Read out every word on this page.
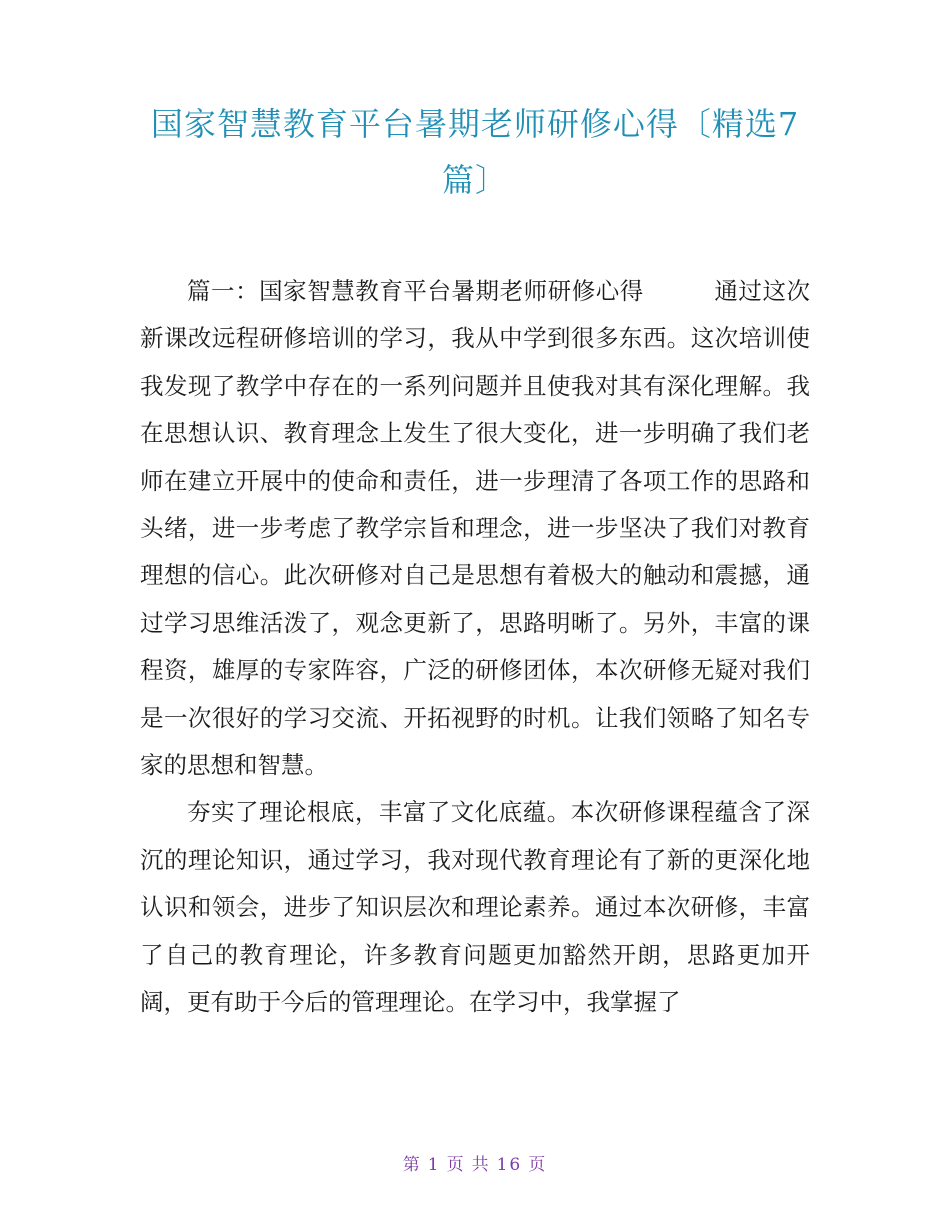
国家智慧教育平台暑期老师研修心得〔精选7篇〕

篇一：国家智慧教育平台暑期老师研修心得	通过这次新课改远程研修培训的学习，我从中学到很多东西。这次培训使我发现了教学中存在的一系列问题并且使我对其有深化理解。我在思想认识、教育理念上发生了很大变化，进一步明确了我们老师在建立开展中的使命和责任，进一步理清了各项工作的思路和头绪，进一步考虑了教学宗旨和理念，进一步坚决了我们对教育理想的信心。此次研修对自己是思想有着极大的触动和震撼，通过学习思维活泼了，观念更新了，思路明晰了。另外，丰富的课程资，雄厚的专家阵容，广泛的研修团体，本次研修无疑对我们是一次很好的学习交流、开拓视野的时机。让我们领略了知名专家的思想和智慧。

夯实了理论根底，丰富了文化底蕴。本次研修课程蕴含了深沉的理论知识，通过学习，我对现代教育理论有了新的更深化地认识和领会，进步了知识层次和理论素养。通过本次研修，丰富了自己的教育理论，许多教育问题更加豁然开朗，思路更加开阔，更有助于今后的管理理论。在学习中，我掌握了

第 1 页 共 16 页
